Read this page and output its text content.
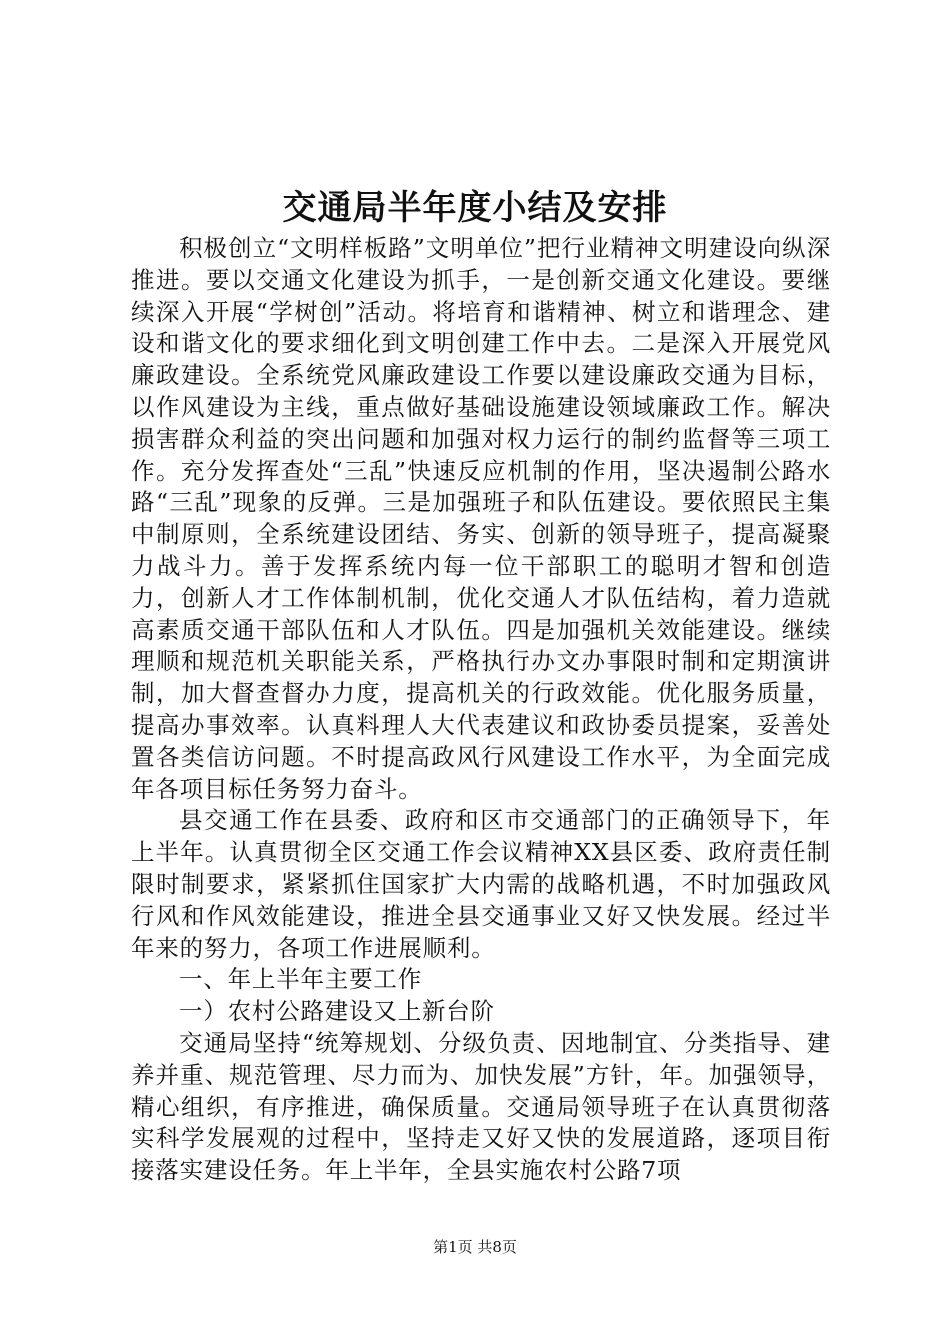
交通局半年度小结及安排

积极创立“文明样板路”文明单位”把行业精神文明建设向纵深推进。要以交通文化建设为抓手，一是创新交通文化建设。要继续深入开展“学树创”活动。将培育和谐精神、树立和谐理念、建设和谐文化的要求细化到文明创建工作中去。二是深入开展党风廉政建设。全系统党风廉政建设工作要以建设廉政交通为目标，以作风建设为主线，重点做好基础设施建设领域廉政工作。解决损害群众利益的突出问题和加强对权力运行的制约监督等三项工作。充分发挥查处“三乱”快速反应机制的作用，坚决遏制公路水路“三乱”现象的反弹。三是加强班子和队伍建设。要依照民主集中制原则，全系统建设团结、务实、创新的领导班子，提高凝聚力战斗力。善于发挥系统内每一位干部职工的聪明才智和创造力，创新人才工作体制机制，优化交通人才队伍结构，着力造就高素质交通干部队伍和人才队伍。四是加强机关效能建设。继续理顺和规范机关职能关系，严格执行办文办事限时制和定期演讲制，加大督查督办力度，提高机关的行政效能。优化服务质量，提高办事效率。认真料理人大代表建议和政协委员提案，妥善处置各类信访问题。不时提高政风行风建设工作水平，为全面完成年各项目标任务努力奋斗。

县交通工作在县委、政府和区市交通部门的正确领导下，年上半年。认真贯彻全区交通工作会议精神XX县区委、政府责任制限时制要求，紧紧抓住国家扩大内需的战略机遇，不时加强政风行风和作风效能建设，推进全县交通事业又好又快发展。经过半年来的努力，各项工作进展顺利。

一、年上半年主要工作

一）农村公路建设又上新台阶

交通局坚持“统筹规划、分级负责、因地制宜、分类指导、建养并重、规范管理、尽力而为、加快发展”方针，年。加强领导，精心组织，有序推进，确保质量。交通局领导班子在认真贯彻落实科学发展观的过程中，坚持走又好又快的发展道路，逐项目衔接落实建设任务。年上半年，全县实施农村公路7项

第1页 共8页
